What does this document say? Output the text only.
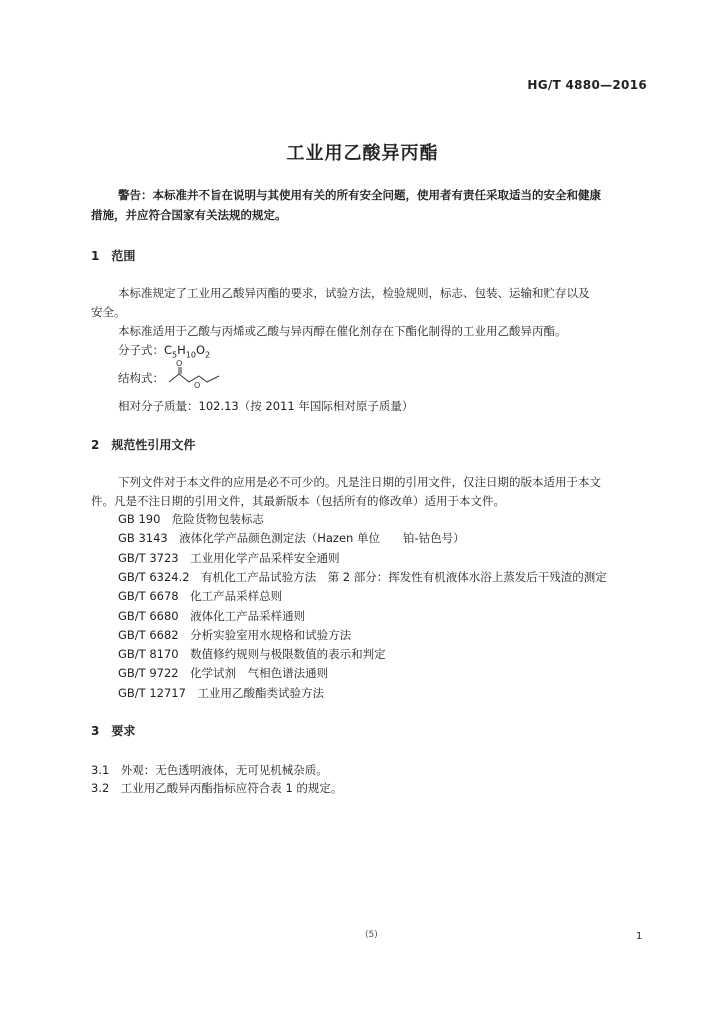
HG/T 4880—2016
工业用乙酸异丙酯
警告：本标准并不旨在说明与其使用有关的所有安全问题，使用者有责任采取适当的安全和健康
措施，并应符合国家有关法规的规定。
1　范围
本标准规定了工业用乙酸异丙酯的要求，试验方法，检验规则，标志、包装、运输和贮存以及
安全。
本标准适用于乙酸与丙烯或乙酸与异丙醇在催化剂存在下酯化制得的工业用乙酸异丙酯。
分子式：$C_5H_{10}O_2$
结构式：
O
O
相对分子质量：102.13（按 2011 年国际相对原子质量）
2　规范性引用文件
下列文件对于本文件的应用是必不可少的。凡是注日期的引用文件，仅注日期的版本适用于本文
件。凡是不注日期的引用文件，其最新版本（包括所有的修改单）适用于本文件。
GB 190  危险货物包装标志
GB 3143  液体化学产品颜色测定法（Hazen 单位　　铂-钴色号）
GB/T 3723  工业用化学产品采样安全通则
GB/T 6324.2  有机化工产品试验方法　第 2 部分：挥发性有机液体水浴上蒸发后干残渣的测定
GB/T 6678  化工产品采样总则
GB/T 6680  液体化工产品采样通则
GB/T 6682  分析实验室用水规格和试验方法
GB/T 8170  数值修约规则与极限数值的表示和判定
GB/T 9722  化学试剂　气相色谱法通则
GB/T 12717  工业用乙酸酯类试验方法
3　要求
3.1　外观：无色透明液体，无可见机械杂质。
3.2　工业用乙酸异丙酯指标应符合表 1 的规定。
(5)	1
